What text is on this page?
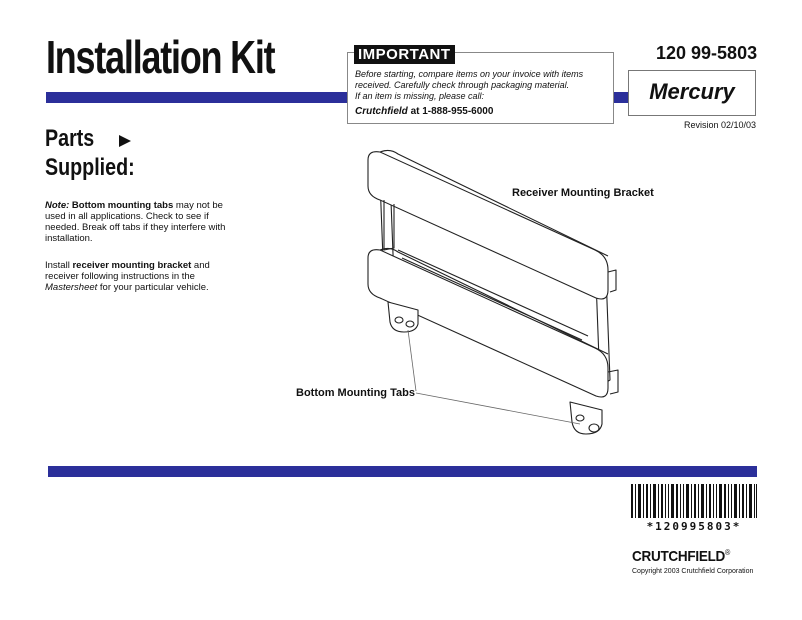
Installation Kit	IMPORTANT
Before starting, compare items on your invoice with items received. Carefully check through packaging material.
If an item is missing, please call:
Crutchfield at 1-888-955-6000
120 99-5803
Mercury
Revision 02/10/03
Parts
Supplied:
Note: Bottom mounting tabs may not be used in all applications. Check to see if needed. Break off tabs if they interfere with installation.
Install receiver mounting bracket and receiver following instructions in the Mastersheet for your particular vehicle.
Receiver Mounting Bracket
Bottom Mounting Tabs
*120995803*
CRUTCHFIELD®
Copyright 2003 Crutchfield Corporation
